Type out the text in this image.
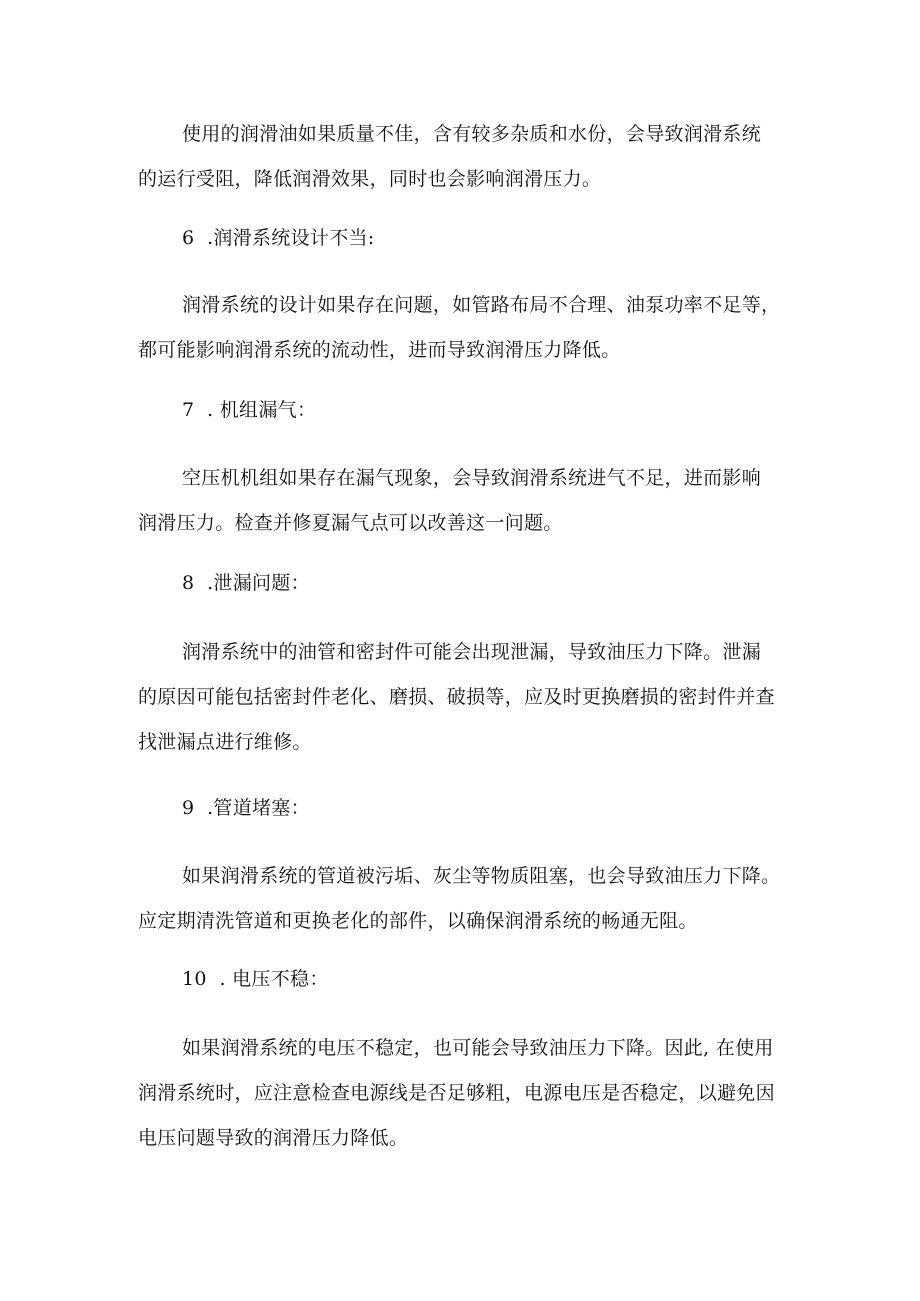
使用的润滑油如果质量不佳，含有较多杂质和水份，会导致润滑系统
的运行受阻，降低润滑效果，同时也会影响润滑压力。
6  .润滑系统设计不当:
润滑系统的设计如果存在问题，如管路布局不合理、油泵功率不足等，
都可能影响润滑系统的流动性，进而导致润滑压力降低。
7  . 机组漏气：
空压机机组如果存在漏气现象，会导致润滑系统进气不足，进而影响
润滑压力。检查并修夏漏气点可以改善这一问题。
8  .泄漏问题：
润滑系统中的油管和密封件可能会出现泄漏，导致油压力下降。泄漏
的原因可能包括密封件老化、磨损、破损等，应及时更换磨损的密封件并查
找泄漏点进行维修。
9  .管道堵塞：
如果润滑系统的管道被污垢、灰尘等物质阻塞，也会导致油压力下降。
应定期清洗管道和更换老化的部件，以确保润滑系统的畅通无阻。
10  . 电压不稳：
如果润滑系统的电压不稳定，也可能会导致油压力下降。因此, 在使用
润滑系统时，应注意检查电源线是否足够粗，电源电压是否稳定，以避免因
电压问题导致的润滑压力降低。
